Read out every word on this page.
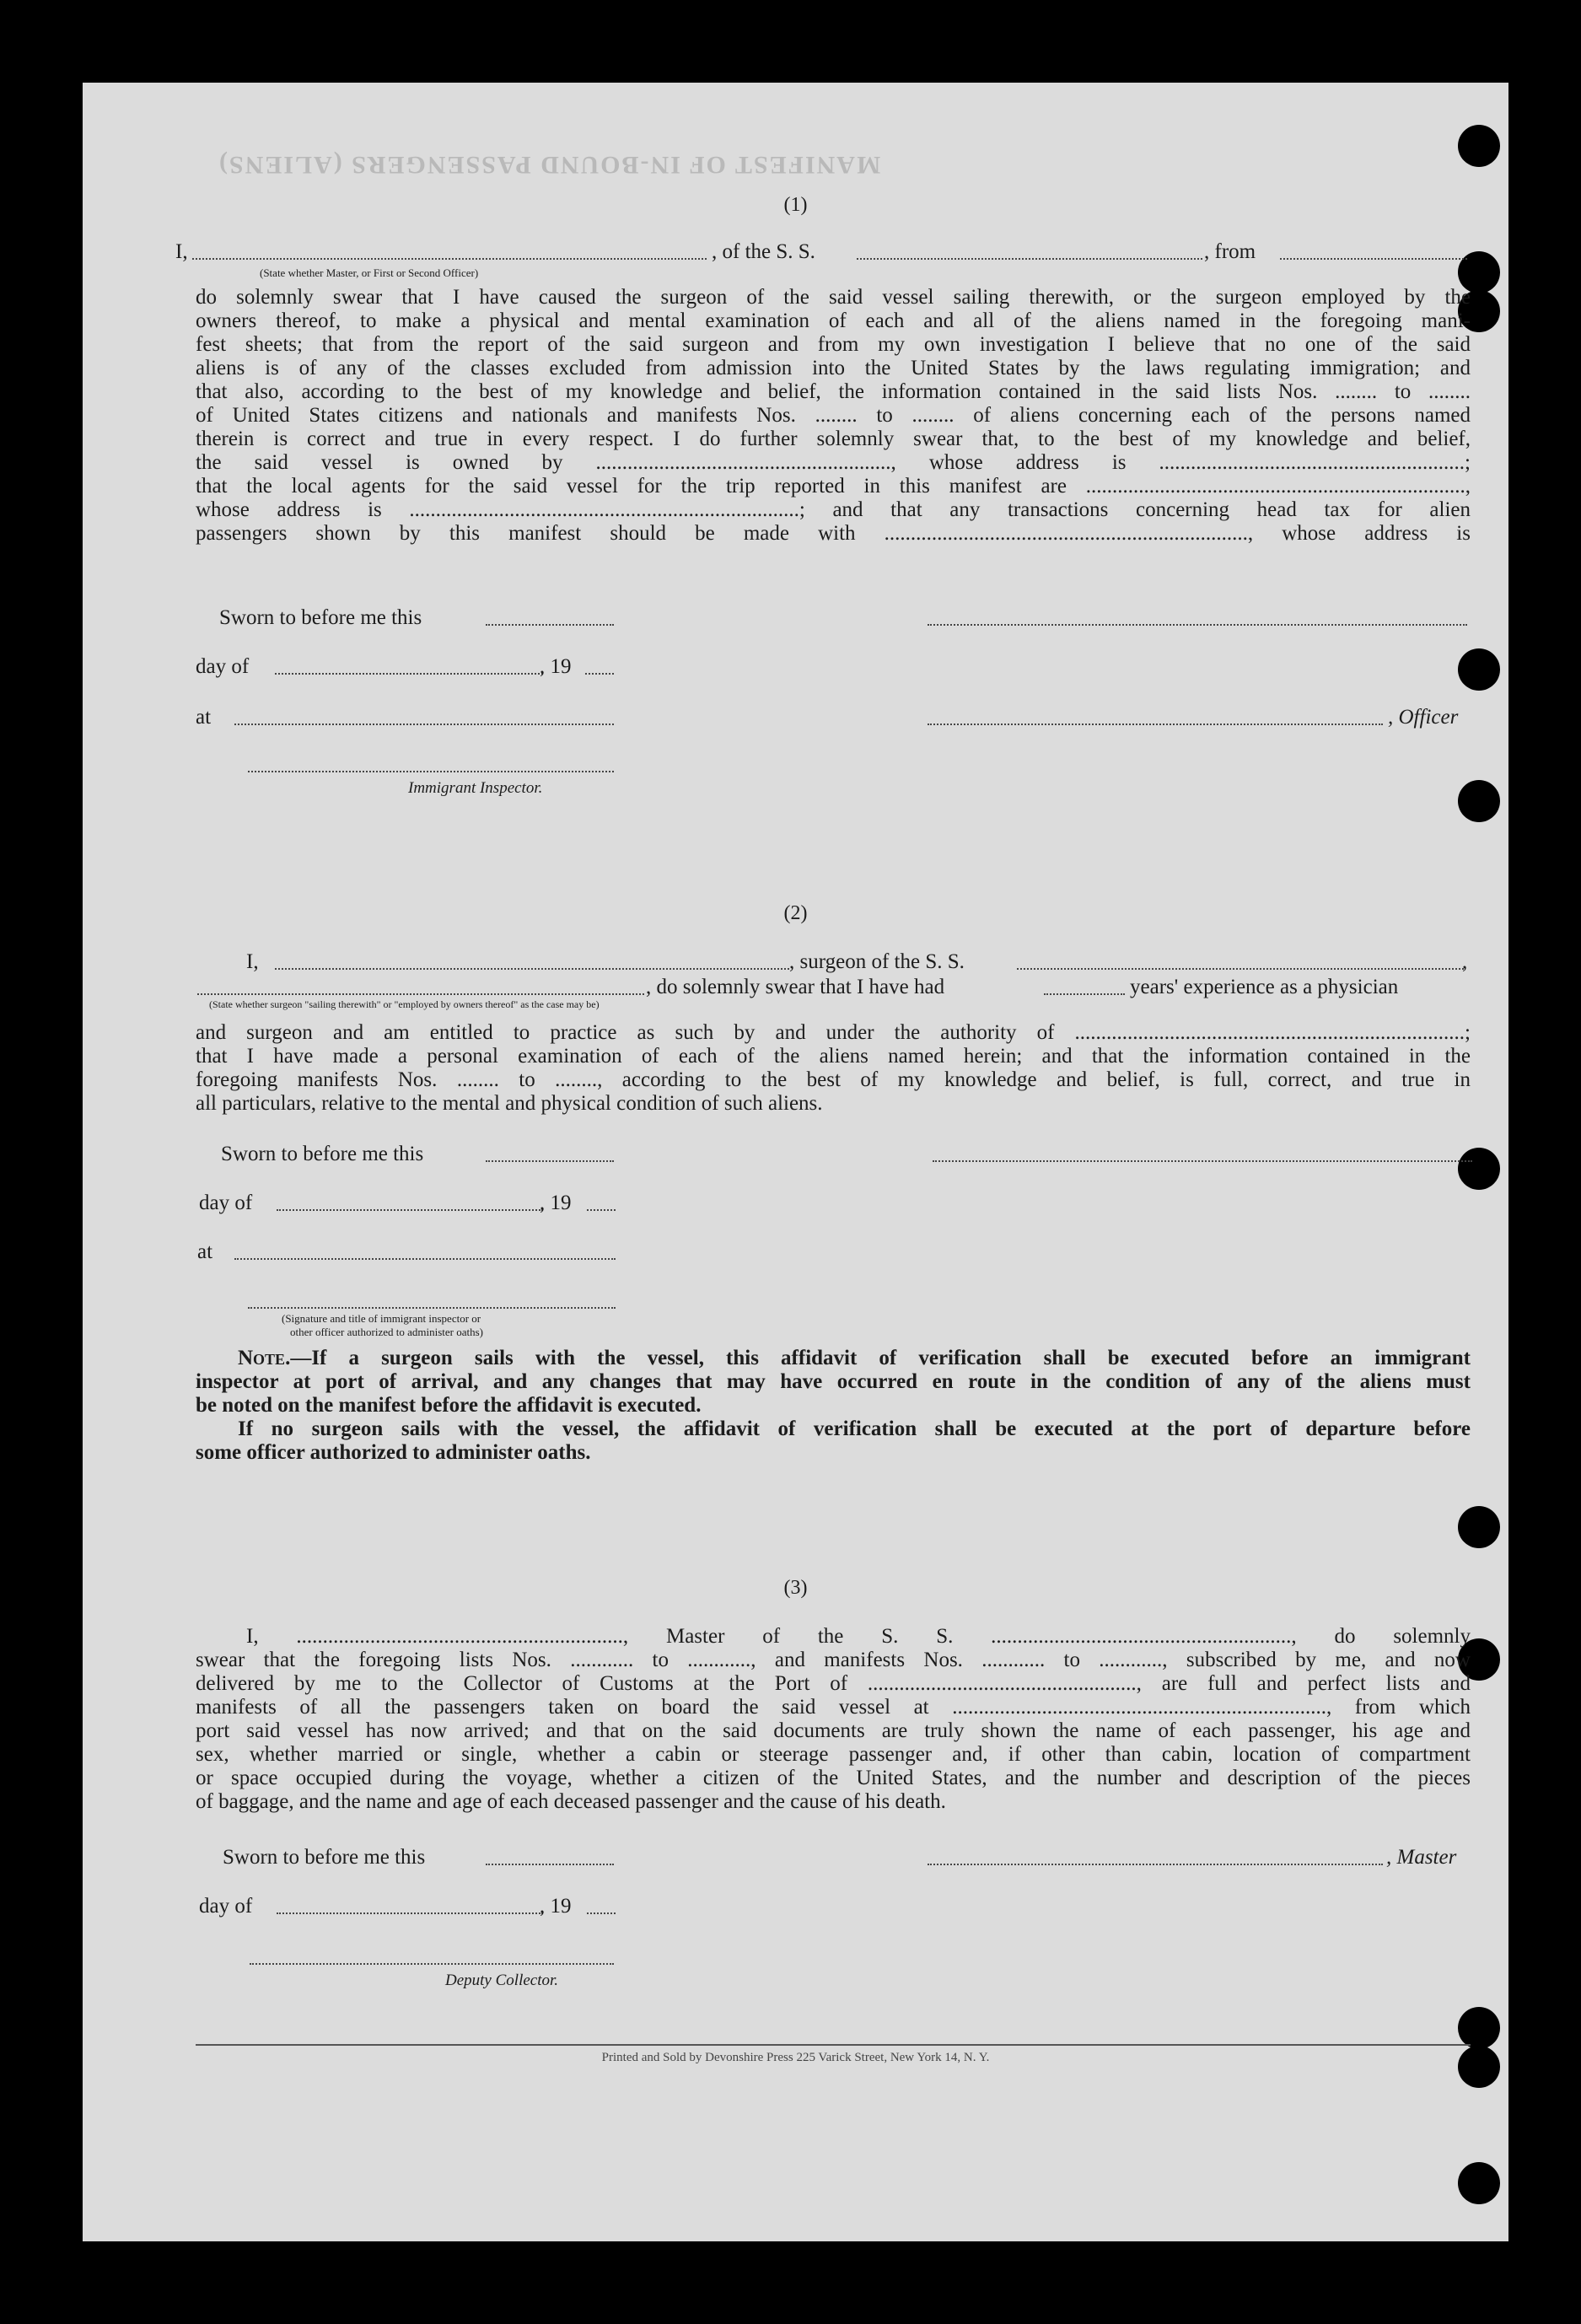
MANIFEST OF IN-BOUND PASSENGERS (ALIENS)
(1)
I,	, of the S. S.	, from
(State whether Master, or First or Second Officer)
do solemnly swear that I have caused the surgeon of the said vessel sailing therewith, or the surgeon employed by the
owners thereof, to make a physical and mental examination of each and all of the aliens named in the foregoing mani-
fest sheets; that from the report of the said surgeon and from my own investigation I believe that no one of the said
aliens is of any of the classes excluded from admission into the United States by the laws regulating immigration; and
that also, according to the best of my knowledge and belief, the information contained in the said lists Nos. ........ to ........
of United States citizens and nationals and manifests Nos. ........ to ........ of aliens concerning each of the persons named
therein is correct and true in every respect. I do further solemnly swear that, to the best of my knowledge and belief,
the said vessel is owned by ........................................................, whose address is ..........................................................;
that the local agents for the said vessel for the trip reported in this manifest are ........................................................................,
whose address is ..........................................................................; and that any transactions concerning head tax for alien
passengers shown by this manifest should be made with ....................................................................., whose address is
Sworn to before me this
day of	, 19
at	, Officer
Immigrant Inspector.
(2)
I,	, surgeon of the S. S.	,
, do solemnly swear that I have had	years' experience as a physician
(State whether surgeon "sailing therewith" or "employed by owners thereof" as the case may be)
and surgeon and am entitled to practice as such by and under the authority of ..........................................................................;
that I have made a personal examination of each of the aliens named herein; and that the information contained in the
foregoing manifests Nos. ........ to ........, according to the best of my knowledge and belief, is full, correct, and true in
all particulars, relative to the mental and physical condition of such aliens.
Sworn to before me this
day of	, 19
at
(Signature and title of immigrant inspector or
other officer authorized to administer oaths)
Note.—If a surgeon sails with the vessel, this affidavit of verification shall be executed before an immigrant
inspector at port of arrival, and any changes that may have occurred en route in the condition of any of the aliens must
be noted on the manifest before the affidavit is executed.
If no surgeon sails with the vessel, the affidavit of verification shall be executed at the port of departure before
some officer authorized to administer oaths.
(3)
I, .............................................................., Master of the S. S. ........................................................., do solemnly
swear that the foregoing lists Nos. ............ to ............, and manifests Nos. ............ to ............, subscribed by me, and now
delivered by me to the Collector of Customs at the Port of ..................................................., are full and perfect lists and
manifests of all the passengers taken on board the said vessel at ......................................................................., from which
port said vessel has now arrived; and that on the said documents are truly shown the name of each passenger, his age and
sex, whether married or single, whether a cabin or steerage passenger and, if other than cabin, location of compartment
or space occupied during the voyage, whether a citizen of the United States, and the number and description of the pieces
of baggage, and the name and age of each deceased passenger and the cause of his death.
Sworn to before me this	, Master
day of	, 19
Deputy Collector.
Printed and Sold by Devonshire Press 225 Varick Street, New York 14, N. Y.
